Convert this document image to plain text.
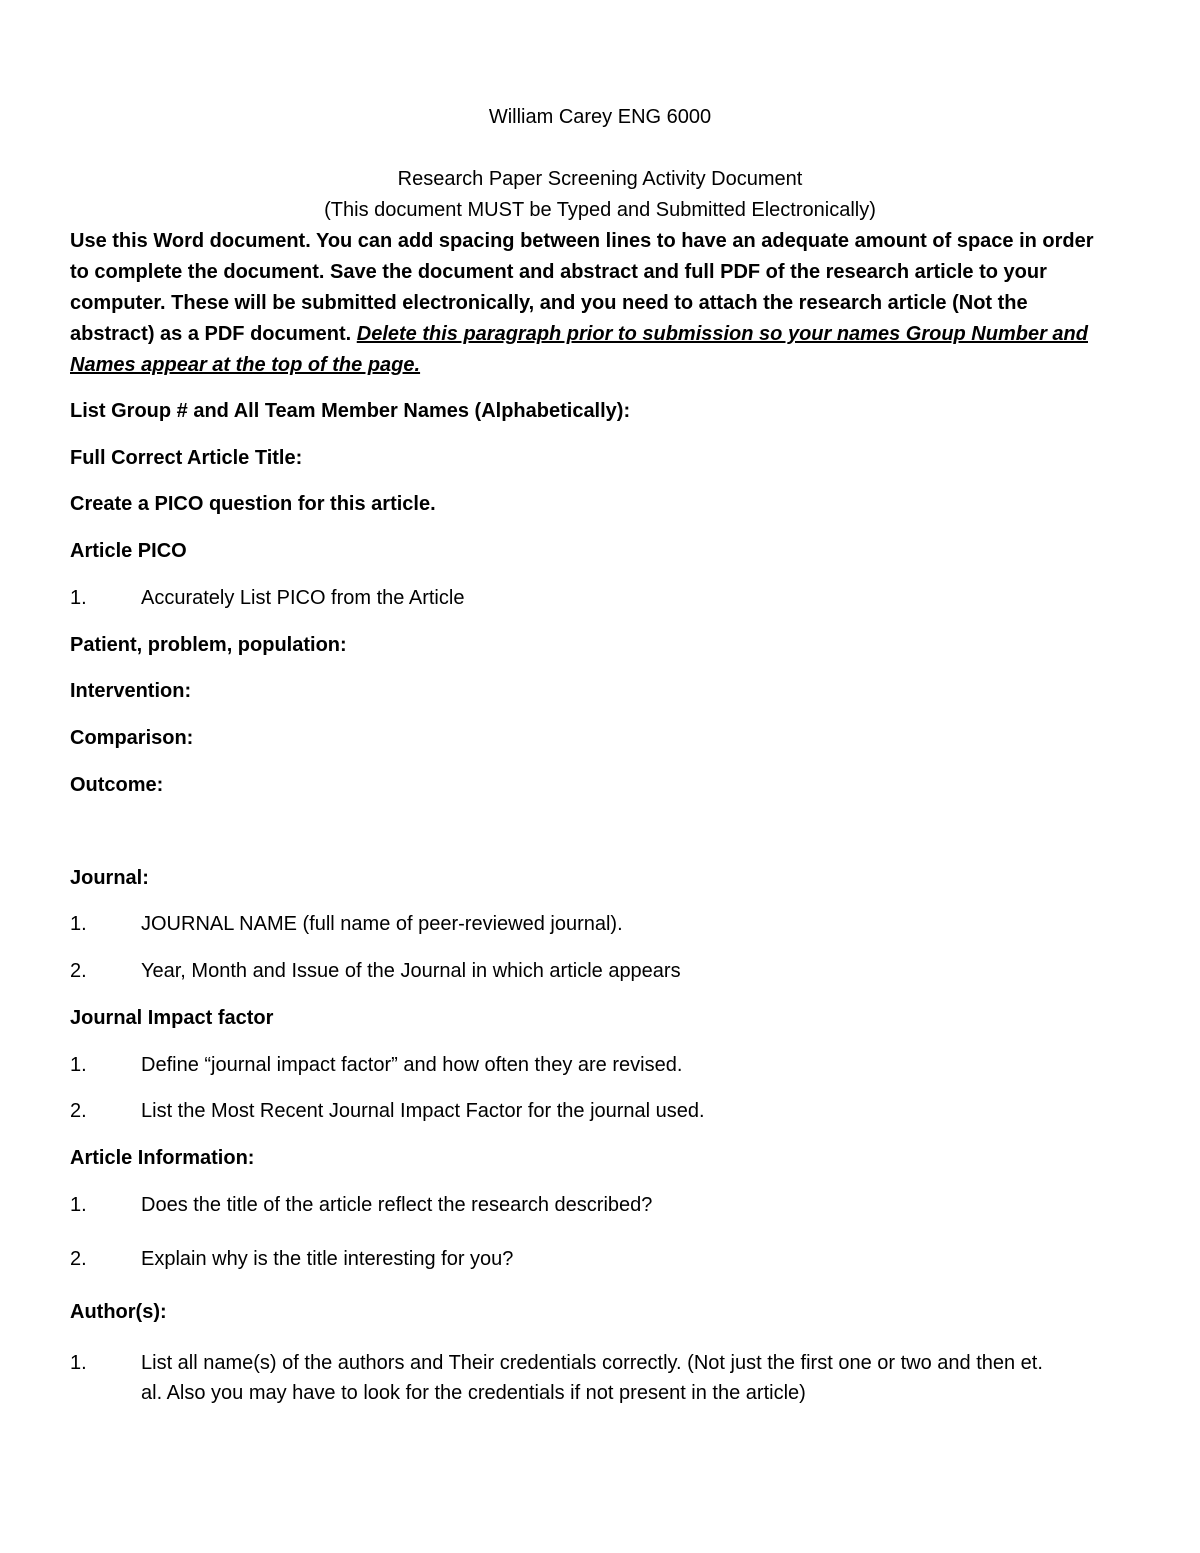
William Carey ENG 6000
Research Paper Screening Activity Document
(This document MUST be Typed and Submitted Electronically)
Use this Word document. You can add spacing between lines to have an adequate amount of space in order
to complete the document. Save the document and abstract and full PDF of the research article to your
computer. These will be submitted electronically, and you need to attach the research article (Not the
abstract) as a PDF document. Delete this paragraph prior to submission so your names Group Number and
Names appear at the top of the page.
List Group # and All Team Member Names (Alphabetically):
Full Correct Article Title:
Create a PICO question for this article.
Article PICO
1.	Accurately List PICO from the Article
Patient, problem, population:
Intervention:
Comparison:
Outcome:
Journal:
1.	JOURNAL NAME (full name of peer-reviewed journal).
2.	Year, Month and Issue of the Journal in which article appears
Journal Impact factor
1.	Define “journal impact factor” and how often they are revised.
2.	List the Most Recent Journal Impact Factor for the journal used.
Article Information:
1.	Does the title of the article reflect the research described?
2.	Explain why is the title interesting for you?
Author(s):
1.	List all name(s) of the authors and Their credentials correctly. (Not just the first one or two and then et.
al. Also you may have to look for the credentials if not present in the article)
